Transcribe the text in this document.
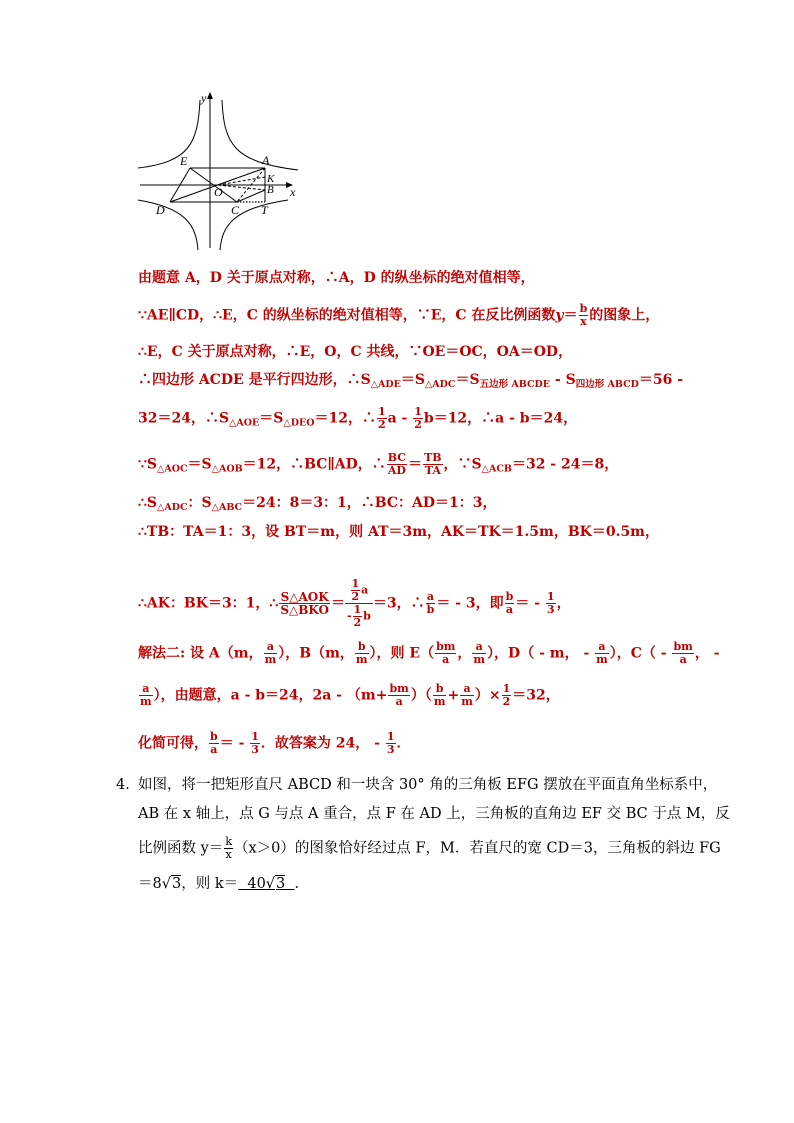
y
x
E	A
K
B
O
D	C T
由题意 A，D 关于原点对称，∴A，D 的纵坐标的绝对值相等，
∵AE∥CD，∴E，C 的纵坐标的绝对值相等，∵E，C 在反比例函数$y= \frac{b}{x}$ 的图象上，
∴E，C 关于原点对称，∴E，O，C 共线，∵OE＝OC，OA＝OD，
∴四边形 ACDE 是平行四边形，$\therefore S_{\triangle ADE}=S_{\triangle ADC}=S_{五边形 ABCDE} - S_{四边形 ABCD}=56$ -
32＝24，$\therefore S_{\triangle AOE}=S_{\triangle DEO}=12$，∴ $\frac{1}{2}$ $a - \frac{1}{2} b=12$，∴a - b＝24，
$\because S_{\triangle AOC}=S_{\triangle AOB}=12$，∴BC∥AD，∴ $\frac{BC}{AD} = \frac{TB}{TA}$ ，$\because S_{\triangle ACB}=32 - 24=8$，
$\therefore S_{\triangle ADC}$：$S_{\triangle ABC}=24$：8＝3：1，∴BC：AD＝1：3，
∴TB：TA＝1：3，设 BT＝m，则 AT＝3m，AK＝TK＝1.5m，BK＝0.5m，
∴AK：BK＝3：1，∴ $\frac{\text{S△AOK}}{\text{S△BKO}} = \frac{\frac{1}{2} a}{- \frac{1}{2} b} =3$，∴ $\frac{a}{b}$ ＝ - 3，即 $\frac{b}{a}$ ＝ - $\frac{1}{3}$ ，
解法二: 设 A（m， $\frac{a}{m}$ ），B（m， $\frac{b}{m}$ ），则 $E( \frac{bm}{a}$ ， $\frac{a}{m}$ ），D（ - m， - $\frac{a}{m}$ ），$C( - \frac{bm}{a}$ ， -
$\frac{a}{m}$ ），由题意，a - b＝24，$2a - (m+ \frac{bm}{a}$ ）（ $\frac{b}{m} + \frac{a}{m}$ ）× $\frac{1}{2} =32$，
化简可得， $\frac{b}{a}$ ＝ - $\frac{1}{3}$ ．故答案为 24， - $\frac{1}{3}$ ．
4．
如图，将一把矩形直尺 ABCD 和一块含 30° 角的三角板 EFG 摆放在平面直角坐标系中，
AB 在 x 轴上，点 G 与点 A 重合，点 F 在 AD 上，三角板的直角边 EF 交 BC 于点 M，反
比例函数 $y= \frac{k}{x} (x>0)$的图象恰好经过点 F，M．若直尺的宽 CD＝3，三角板的斜边 FG
＝8√3，则 k＝  40√3 ．
